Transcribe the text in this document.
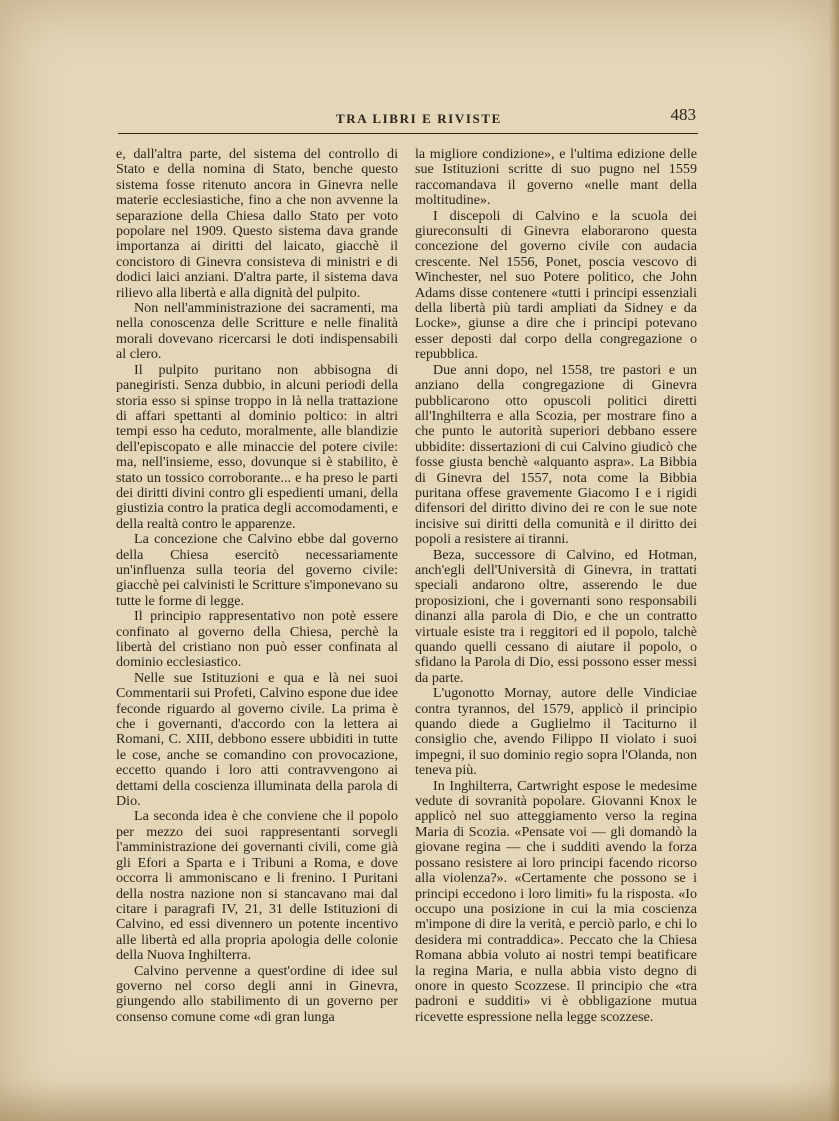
TRA LIBRI E RIVISTE	483

e, dall'altra parte, del sistema del controllo di Stato e della nomina di Stato, benche questo sistema fosse ritenuto ancora in Ginevra nelle materie ecclesiastiche, fino a che non avvenne la separazione della Chiesa dallo Stato per voto popolare nel 1909. Questo sistema dava grande importanza ai diritti del laicato, giacchè il concistoro di Ginevra consisteva di ministri e di dodici laici anziani. D'altra parte, il sistema dava rilievo alla libertà e alla dignità del pulpito.

Non nell'amministrazione dei sacramenti, ma nella conoscenza delle Scritture e nelle finalità morali dovevano ricercarsi le doti indispensabili al clero.

Il pulpito puritano non abbisogna di panegiristi. Senza dubbio, in alcuni periodi della storia esso si spinse troppo in là nella trattazione di affari spettanti al dominio poltico: in altri tempi esso ha ceduto, moralmente, alle blandizie dell'episcopato e alle minaccie del potere civile: ma, nell'insieme, esso, dovunque si è stabilito, è stato un tossico corroborante... e ha preso le parti dei diritti divini contro gli espedienti umani, della giustizia contro la pratica degli accomodamenti, e della realtà contro le apparenze.

La concezione che Calvino ebbe dal governo della Chiesa esercitò necessariamente un'influenza sulla teoria del governo civile: giacchè pei calvinisti le Scritture s'imponevano su tutte le forme di legge.

Il principio rappresentativo non potè essere confinato al governo della Chiesa, perchè la libertà del cristiano non può esser confinata al dominio ecclesiastico.

Nelle sue Istituzioni e qua e là nei suoi Commentarii sui Profeti, Calvino espone due idee feconde riguardo al governo civile. La prima è che i governanti, d'accordo con la lettera ai Romani, C. XIII, debbono essere ubbiditi in tutte le cose, anche se comandino con provocazione, eccetto quando i loro atti contravvengono ai dettami della coscienza illuminata della parola di Dio.

La seconda idea è che conviene che il popolo per mezzo dei suoi rappresentanti sorvegli l'amministrazione dei governanti civili, come già gli Efori a Sparta e i Tribuni a Roma, e dove occorra li ammoniscano e li frenino. I Puritani della nostra nazione non si stancavano mai dal citare i paragrafi IV, 21, 31 delle Istituzioni di Calvino, ed essi divennero un potente incentivo alle libertà ed alla propria apologia delle colonie della Nuova Inghilterra.

Calvino pervenne a quest'ordine di idee sul governo nel corso degli anni in Ginevra, giungendo allo stabilimento di un governo per consenso comune come «di gran lunga

la migliore condizione», e l'ultima edizione delle sue Istituzioni scritte di suo pugno nel 1559 raccomandava il governo «nelle mant della moltitudine».

I discepoli di Calvino e la scuola dei giureconsulti di Ginevra elaborarono questa concezione del governo civile con audacia crescente. Nel 1556, Ponet, poscia vescovo di Winchester, nel suo Potere politico, che John Adams disse contenere «tutti i principi essenziali della libertà più tardi ampliati da Sidney e da Locke», giunse a dire che i principi potevano esser deposti dal corpo della congregazione o repubblica.

Due anni dopo, nel 1558, tre pastori e un anziano della congregazione di Ginevra pubblicarono otto opuscoli politici diretti all'Inghilterra e alla Scozia, per mostrare fino a che punto le autorità superiori debbano essere ubbidite: dissertazioni di cui Calvino giudicò che fosse giusta benchè «alquanto aspra». La Bibbia di Ginevra del 1557, nota come la Bibbia puritana offese gravemente Giacomo I e i rigidi difensori del diritto divino dei re con le sue note incisive sui diritti della comunità e il diritto dei popoli a resistere ai tiranni.

Beza, successore di Calvino, ed Hotman, anch'egli dell'Università di Ginevra, in trattati speciali andarono oltre, asserendo le due proposizioni, che i governanti sono responsabili dinanzi alla parola di Dio, e che un contratto virtuale esiste tra i reggitori ed il popolo, talchè quando quelli cessano di aiutare il popolo, o sfidano la Parola di Dio, essi possono esser messi da parte.

L'ugonotto Mornay, autore delle Vindiciae contra tyrannos, del 1579, applicò il principio quando diede a Guglielmo il Taciturno il consiglio che, avendo Filippo II violato i suoi impegni, il suo dominio regio sopra l'Olanda, non teneva più.

In Inghilterra, Cartwright espose le medesime vedute di sovranità popolare. Giovanni Knox le applicò nel suo atteggiamento verso la regina Maria di Scozia. «Pensate voi — gli domandò la giovane regina — che i sudditi avendo la forza possano resistere ai loro principi facendo ricorso alla violenza?». «Certamente che possono se i principi eccedono i loro limiti» fu la risposta. «Io occupo una posizione in cui la mia coscienza m'impone di dire la verità, e perciò parlo, e chi lo desidera mi contraddica». Peccato che la Chiesa Romana abbia voluto ai nostri tempi beatificare la regina Maria, e nulla abbia visto degno di onore in questo Scozzese. Il principio che «tra padroni e sudditi» vi è obbligazione mutua ricevette espressione nella legge scozzese.
